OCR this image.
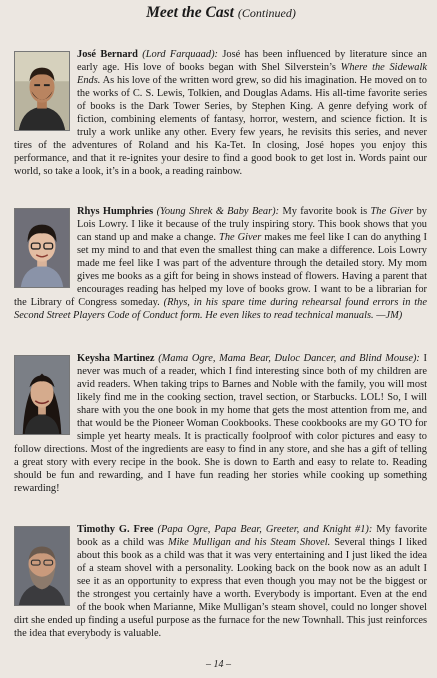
Meet the Cast (Continued)
José Bernard (Lord Farquaad): José has been influenced by literature since an early age. His love of books began with Shel Silverstein’s Where the Sidewalk Ends. As his love of the written word grew, so did his imagination. He moved on to the works of C. S. Lewis, Tolkien, and Douglas Adams. His all-time favorite series of books is the Dark Tower Series, by Stephen King. A genre defying work of fiction, combining elements of fantasy, horror, western, and science fiction. It is truly a work unlike any other. Every few years, he revisits this series, and never tires of the adventures of Roland and his Ka-Tet. In closing, José hopes you enjoy this performance, and that it re-ignites your desire to find a good book to get lost in. Words paint our world, so take a look, it’s in a book, a reading rainbow.
Rhys Humphries (Young Shrek & Baby Bear): My favorite book is The Giver by Lois Lowry. I like it because of the truly inspiring story. This book shows that you can stand up and make a change. The Giver makes me feel like I can do anything I set my mind to and that even the smallest thing can make a difference. Lois Lowry made me feel like I was part of the adventure through the detailed story. My mom gives me books as a gift for being in shows instead of flowers. Having a parent that encourages reading has helped my love of books grow. I want to be a librarian for the Library of Congress someday. (Rhys, in his spare time during rehearsal found errors in the Second Street Players Code of Conduct form. He even likes to read technical manuals. —JM)
Keysha Martinez (Mama Ogre, Mama Bear, Duloc Dancer, and Blind Mouse): I never was much of a reader, which I find interesting since both of my children are avid readers. When taking trips to Barnes and Noble with the family, you will most likely find me in the cooking section, travel section, or Starbucks. LOL! So, I will share with you the one book in my home that gets the most attention from me, and that would be the Pioneer Woman Cookbooks. These cookbooks are my GO TO for simple yet hearty meals. It is practically foolproof with color pictures and easy to follow directions. Most of the ingredients are easy to find in any store, and she has a gift of telling a great story with every recipe in the book. She is down to Earth and easy to relate to. Reading should be fun and rewarding, and I have fun reading her stories while cooking up something rewarding!
Timothy G. Free (Papa Ogre, Papa Bear, Greeter, and Knight #1): My favorite book as a child was Mike Mulligan and his Steam Shovel. Several things I liked about this book as a child was that it was very entertaining and I just liked the idea of a steam shovel with a personality. Looking back on the book now as an adult I see it as an opportunity to express that even though you may not be the biggest or the strongest you certainly have a worth. Everybody is important. Even at the end of the book when Marianne, Mike Mulligan’s steam shovel, could no longer shovel dirt she ended up finding a useful purpose as the furnace for the new Townhall. This just reinforces the idea that everybody is valuable.
– 14 –
